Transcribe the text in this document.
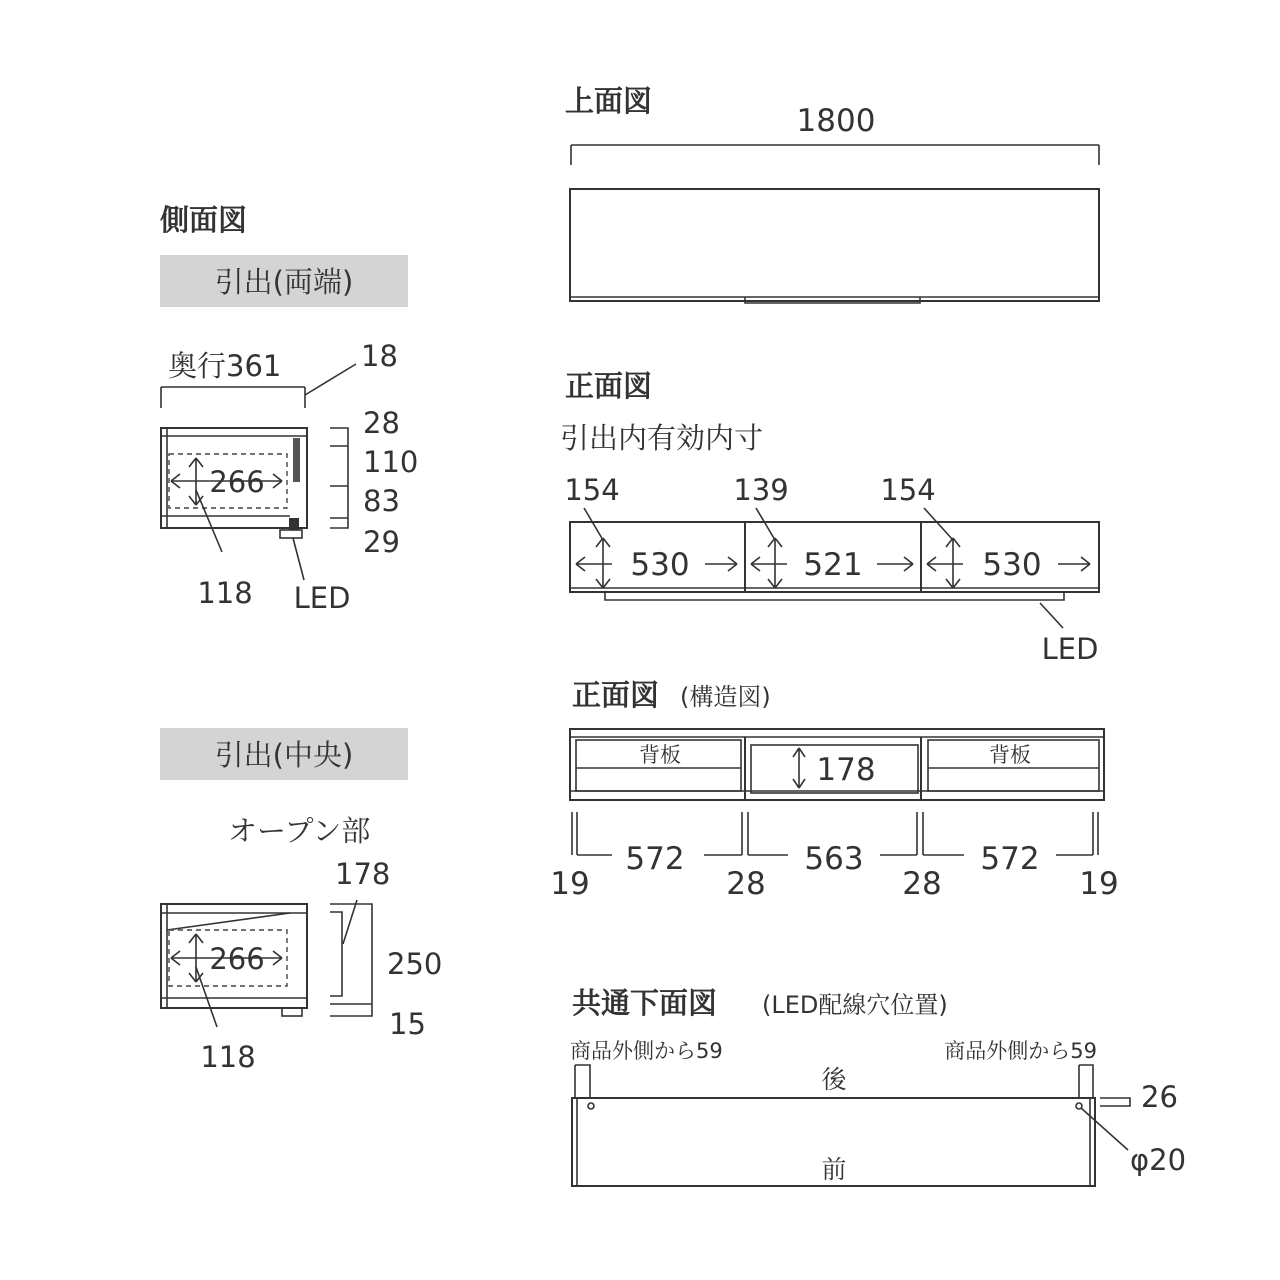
側面図
引出(両端)
奥行361	18
266
118 LED
28
110
83
29
引出(中央)
オープン部
266
118
178
250
15
上面図
1800
正面図
引出内有効内寸
154	139	154
530	521	530
LED
正面図 (構造図)
背板	背板
178
572	563	572
19	28	28	19
共通下面図 (LED配線穴位置)
商品外側から59	商品外側から59
後
26
φ20
前
